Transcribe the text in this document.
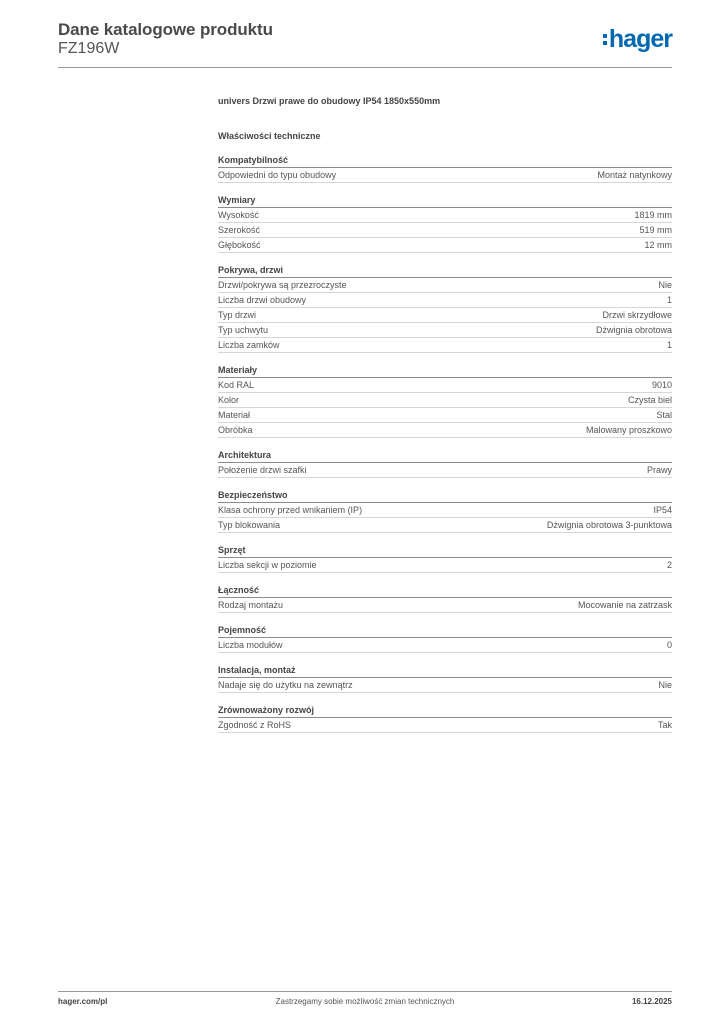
Dane katalogowe produktu
FZ196W	hager
univers Drzwi prawe do obudowy IP54 1850x550mm
Właściwości techniczne
Kompatybilność
Odpowiedni do typu obudowy	Montaż natynkowy
Wymiary
Wysokość	1819 mm
Szerokość	519 mm
Głębokość	12 mm
Pokrywa, drzwi
Drzwi/pokrywa są przezroczyste	Nie
Liczba drzwi obudowy	1
Typ drzwi	Drzwi skrzydłowe
Typ uchwytu	Dźwignia obrotowa
Liczba zamków	1
Materiały
Kod RAL	9010
Kolor	Czysta biel
Materiał	Stal
Obróbka	Malowany proszkowo
Architektura
Położenie drzwi szafki	Prawy
Bezpieczeństwo
Klasa ochrony przed wnikaniem (IP)	IP54
Typ blokowania	Dźwignia obrotowa 3-punktowa
Sprzęt
Liczba sekcji w poziomie	2
Łączność
Rodzaj montażu	Mocowanie na zatrzask
Pojemność
Liczba modułów	0
Instalacja, montaż
Nadaje się do użytku na zewnątrz	Nie
Zrównoważony rozwój
Zgodność z RoHS	Tak
hager.com/pl	Zastrzegamy sobie możliwość zmian technicznych	16.12.2025
